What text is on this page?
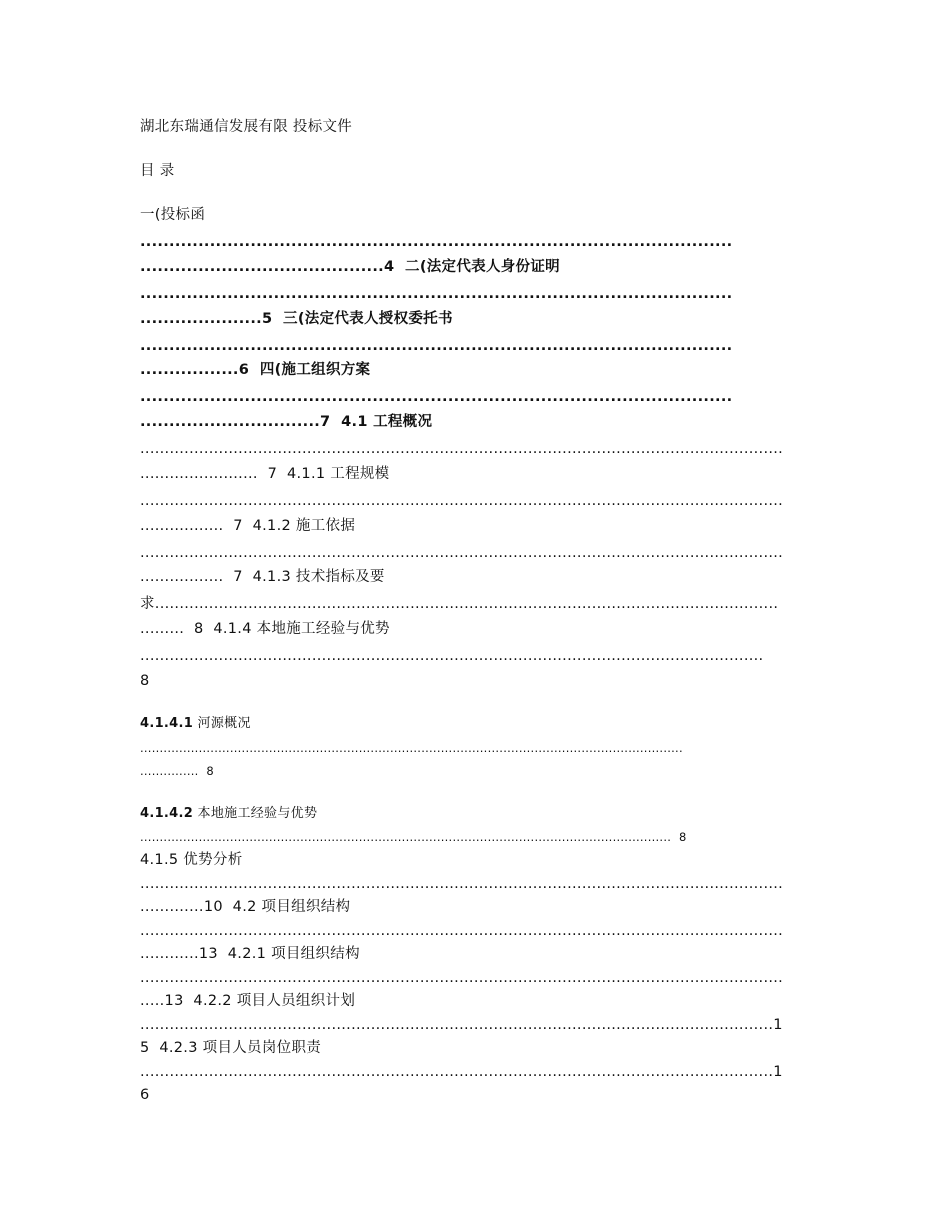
湖北东瑞通信发展有限 投标文件
目 录
一(投标函
......................................................................................................
..........................................4  二(法定代表人身份证明
......................................................................................................
.....................5  三(法定代表人授权委托书
......................................................................................................
.................6  四(施工组织方案
......................................................................................................
...............................7  4.1 工程概况
...................................................................................................................................
........................  7  4.1.1 工程规模
...................................................................................................................................
.................  7  4.1.2 施工依据
...................................................................................................................................
.................  7  4.1.3 技术指标及要
求...............................................................................................................................
.........  8  4.1.4 本地施工经验与优势
...............................................................................................................................
8
4.1.4.1 河源概况
...........................................................................................................................................
...............  8
4.1.4.2 本地施工经验与优势
........................................................................................................................................  8
4.1.5 优势分析
...................................................................................................................................
.............10  4.2 项目组织结构
...................................................................................................................................
............13  4.2.1 项目组织结构
...................................................................................................................................
.....13  4.2.2 项目人员组织计划
.................................................................................................................................1
5  4.2.3 项目人员岗位职责
.................................................................................................................................1
6
